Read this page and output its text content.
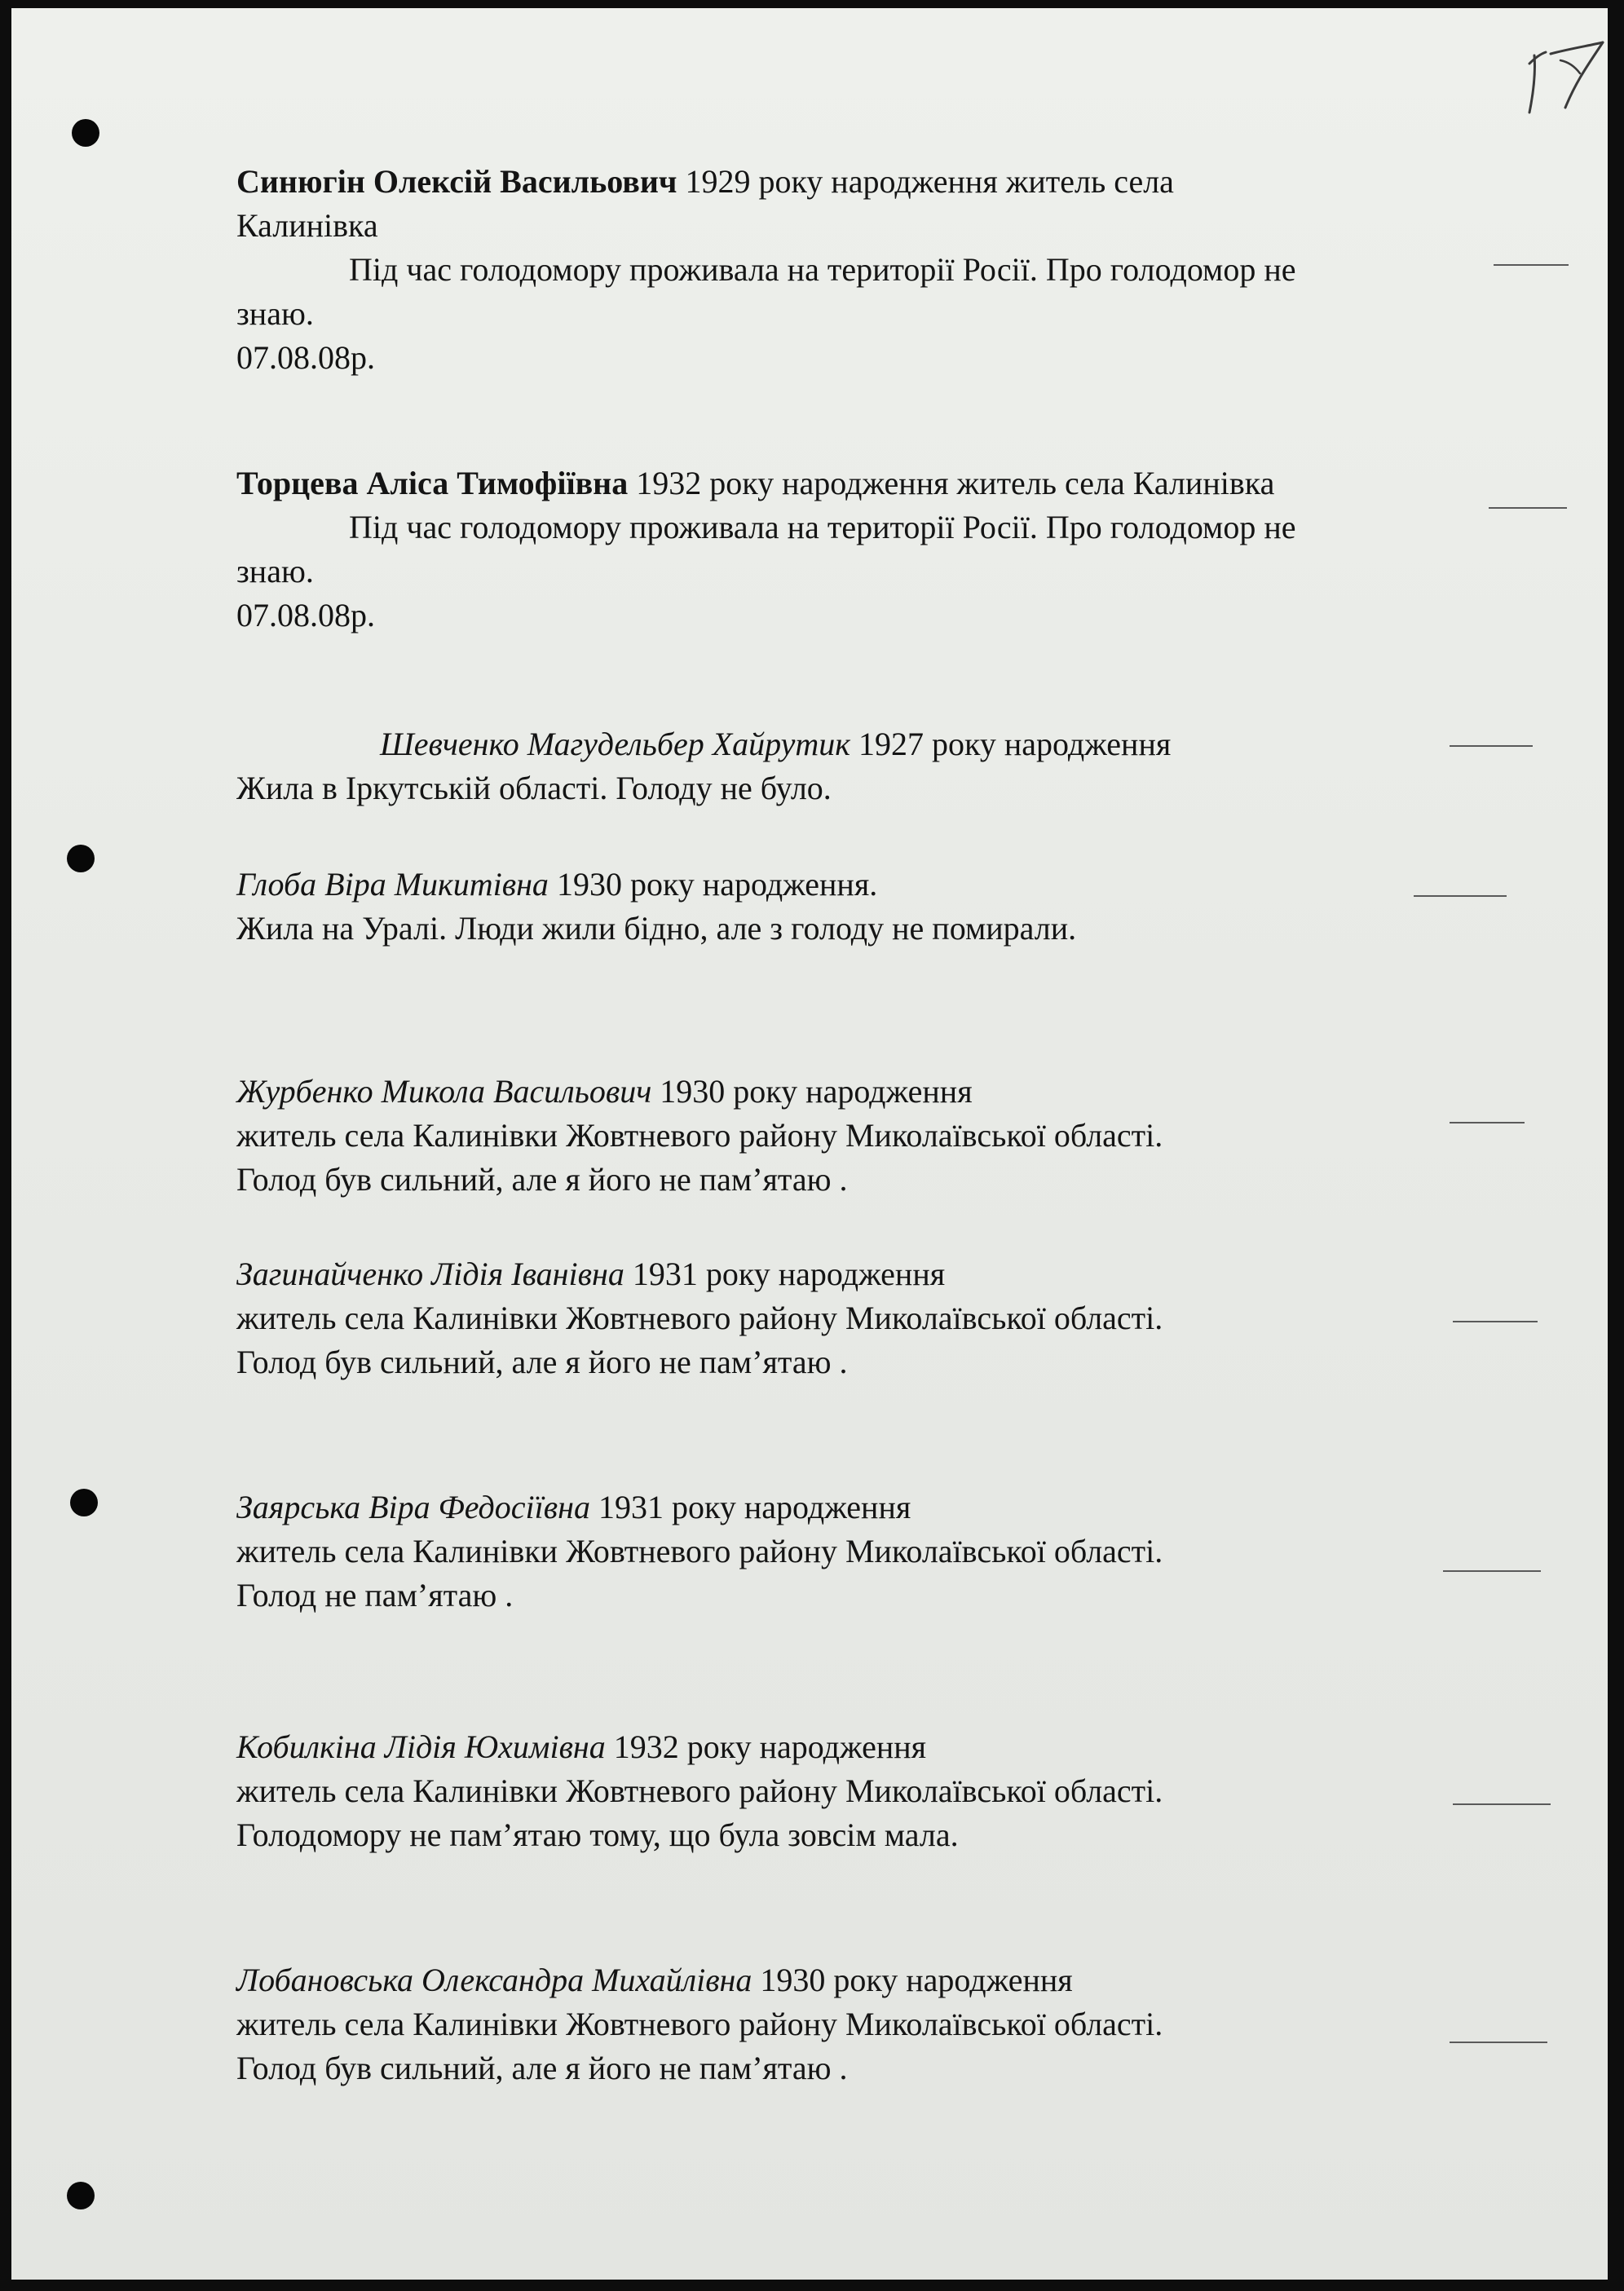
Синюгін Олексій Васильович 1929 року народження житель села

Калинівка

Під час голодомору проживала на території Росії. Про голодомор не

знаю.

07.08.08р.

Торцева Аліса Тимофіївна 1932 року народження житель села Калинівка

Під час голодомору проживала на території Росії. Про голодомор не

знаю.

07.08.08р.

Шевченко Магудельбер Хайрутик 1927 року народження

Жила в Іркутській області. Голоду не було.

Глоба Віра Микитівна 1930 року народження.

Жила на Уралі. Люди жили бідно, але з голоду не помирали.

Журбенко Микола Васильович 1930 року народження

житель села Калинівки Жовтневого району Миколаївської області.

Голод був сильний, але я його не пам’ятаю .

Загинайченко Лідія Іванівна 1931 року народження

житель села Калинівки Жовтневого району Миколаївської області.

Голод був сильний, але я його не пам’ятаю .

Заярська Віра Федосіївна 1931 року народження

житель села Калинівки Жовтневого району Миколаївської області.

Голод не пам’ятаю .

Кобилкіна Лідія Юхимівна 1932 року народження

житель села Калинівки Жовтневого району Миколаївської області.

Голодомору не пам’ятаю тому, що була зовсім мала.

Лобановська Олександра Михайлівна 1930 року народження

житель села Калинівки Жовтневого району Миколаївської області.

Голод був сильний, але я його не пам’ятаю .
